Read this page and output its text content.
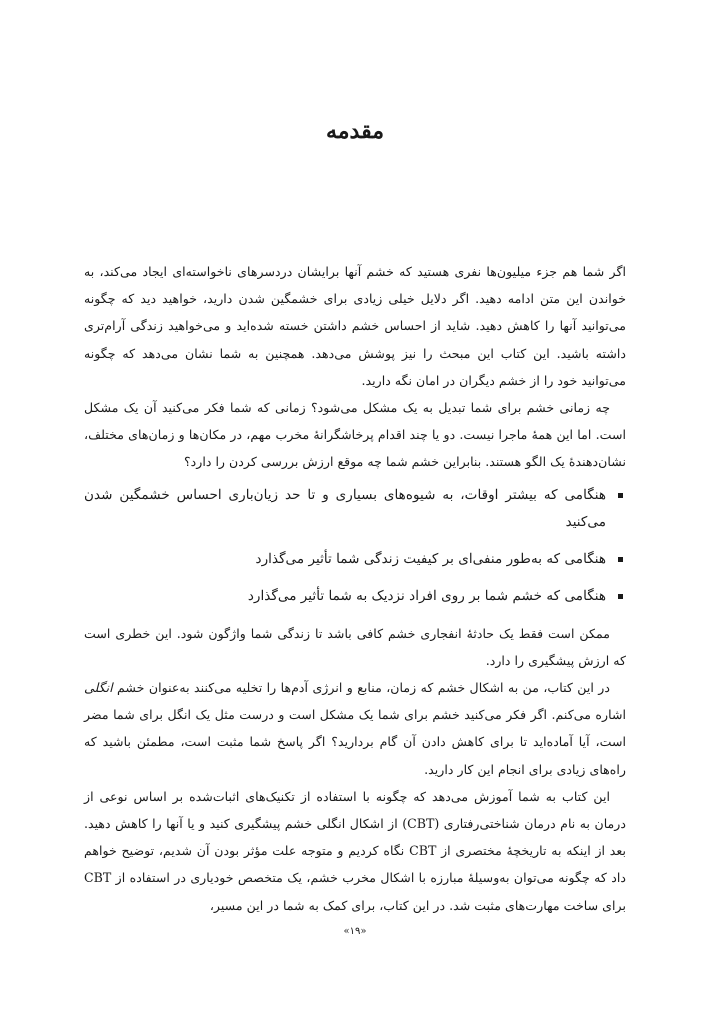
مقدمه

اگر شما هم جزء میلیون‌ها نفری هستید که خشم آنها برایشان دردسرهای ناخواسته‌ای ایجاد می‌کند، به خواندن این متن ادامه دهید. اگر دلایل خیلی زیادی برای خشمگین شدن دارید، خواهید دید که چگونه می‌توانید آنها را کاهش دهید. شاید از احساس خشم داشتن خسته شده‌اید و می‌خواهید زندگی آرام‌تری داشته باشید. این کتاب این مبحث را نیز پوشش می‌دهد. همچنین به شما نشان می‌دهد که چگونه می‌توانید خود را از خشم دیگران در امان نگه دارید.

چه زمانی خشم برای شما تبدیل به یک مشکل می‌شود؟ زمانی که شما فکر می‌کنید آن یک مشکل است. اما این همهٔ ماجرا نیست. دو یا چند اقدام پرخاشگرانهٔ مخرب مهم، در مکان‌ها و زمان‌های مختلف، نشان‌دهندهٔ یک الگو هستند. بنابراین خشم شما چه موقع ارزش بررسی کردن را دارد؟

هنگامی که بیشتر اوقات، به شیوه‌های بسیاری و تا حد زیان‌باری احساس خشمگین شدن می‌کنید
هنگامی که به‌طور منفی‌ای بر کیفیت زندگی شما تأثیر می‌گذارد
هنگامی که خشم شما بر روی افراد نزدیک به شما تأثیر می‌گذارد

ممکن است فقط یک حادثهٔ انفجاری خشم کافی باشد تا زندگی شما واژگون شود. این خطری است که ارزش پیشگیری را دارد.

در این کتاب، من به اشکال خشم که زمان، منابع و انرژی آدم‌ها را تخلیه می‌کنند به‌عنوان خشم انگلی اشاره می‌کنم. اگر فکر می‌کنید خشم برای شما یک مشکل است و درست مثل یک انگل برای شما مضر است، آیا آماده‌اید تا برای کاهش دادن آن گام بردارید؟ اگر پاسخ شما مثبت است، مطمئن باشید که راه‌های زیادی برای انجام این کار دارید.

این کتاب به شما آموزش می‌دهد که چگونه با استفاده از تکنیک‌های اثبات‌شده بر اساس نوعی از درمان به نام درمان شناختی‌رفتاری (CBT) از اشکال انگلی خشم پیشگیری کنید و یا آنها را کاهش دهید. بعد از اینکه به تاریخچهٔ مختصری از CBT نگاه کردیم و متوجه علت مؤثر بودن آن شدیم، توضیح خواهم داد که چگونه می‌توان به‌وسیلهٔ مبارزه با اشکال مخرب خشم، یک متخصص خودیاری در استفاده از CBT برای ساخت مهارت‌های مثبت شد. در این کتاب، برای کمک به شما در این مسیر،

«۱۹»
